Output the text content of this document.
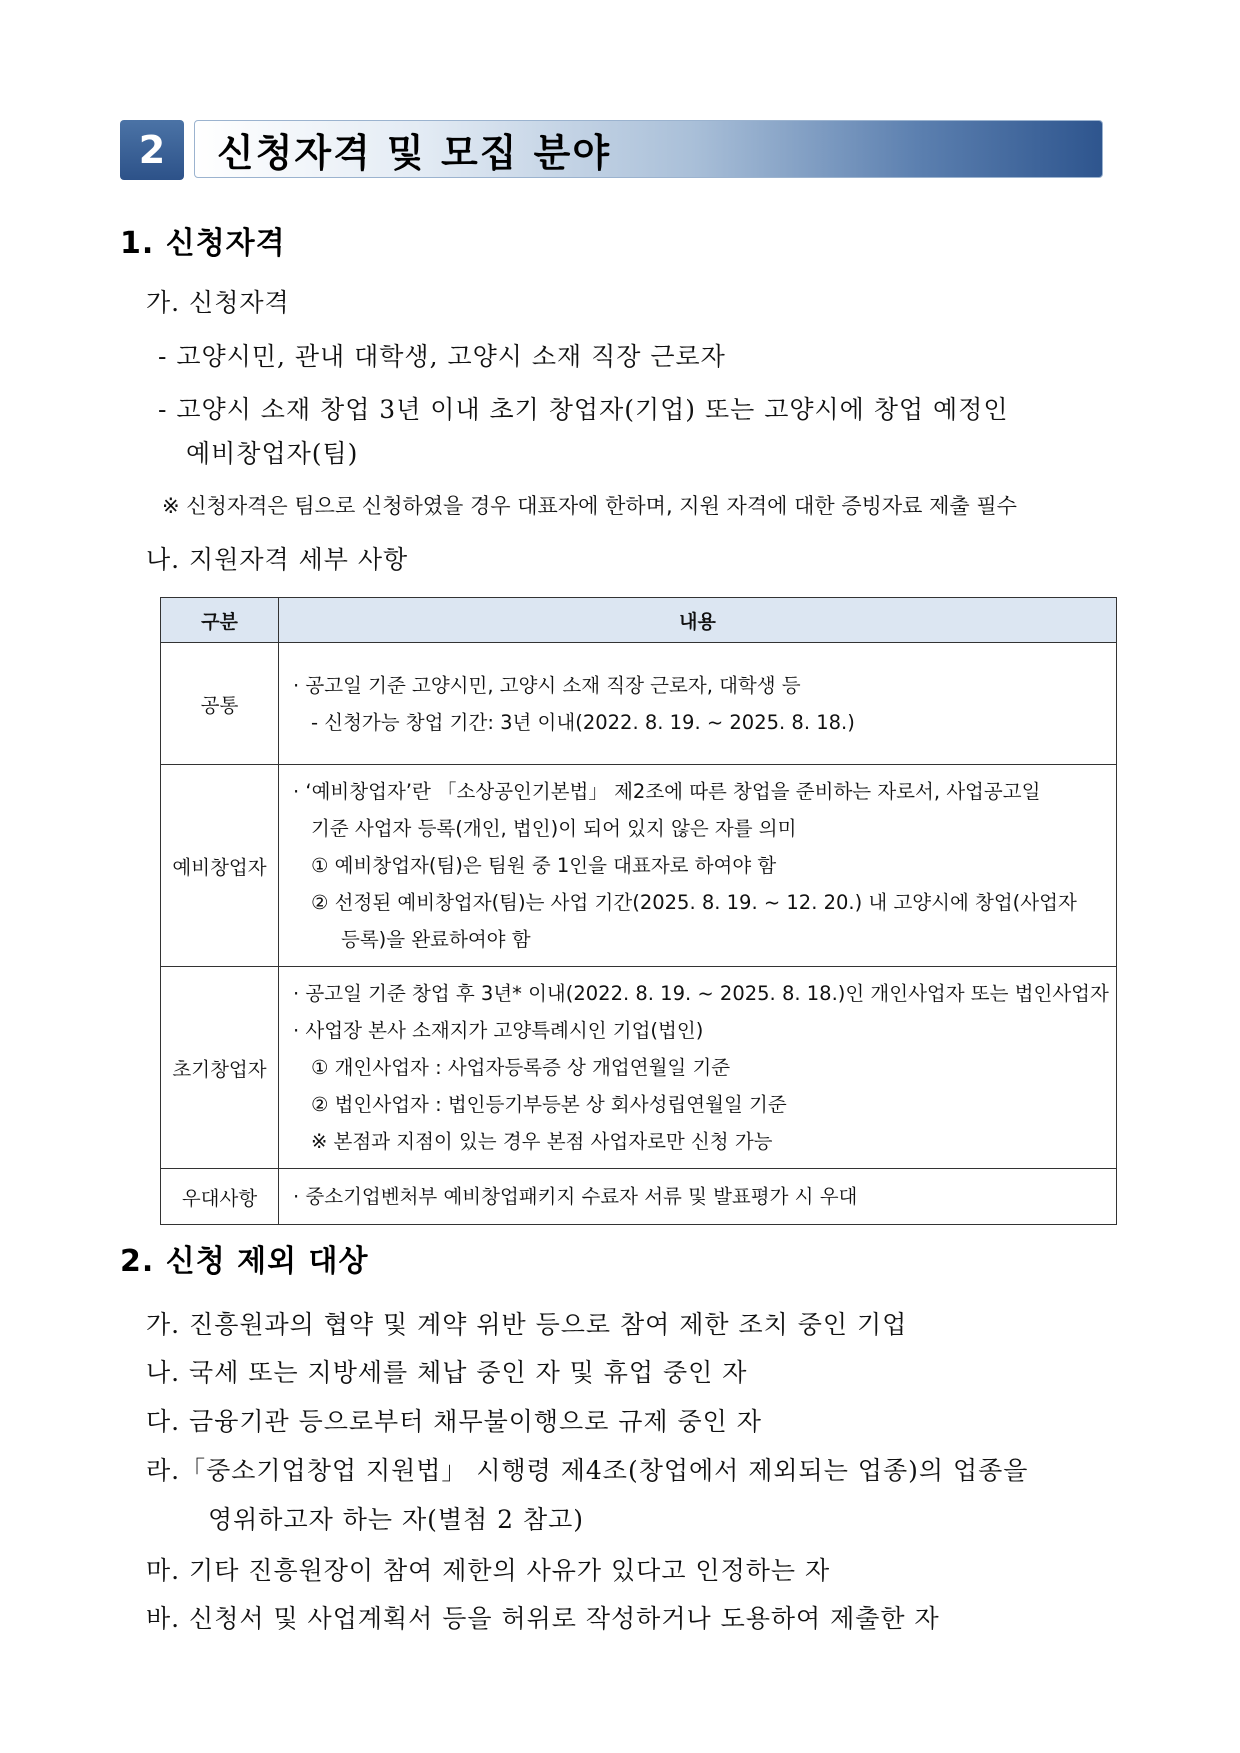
2	신청자격 및 모집 분야
1. 신청자격
가. 신청자격
- 고양시민, 관내 대학생, 고양시 소재 직장 근로자
- 고양시 소재 창업 3년 이내 초기 창업자(기업) 또는 고양시에 창업 예정인
예비창업자(팀)
※ 신청자격은 팀으로 신청하였을 경우 대표자에 한하며, 지원 자격에 대한 증빙자료 제출 필수
나. 지원자격 세부 사항
구분	내용
공통	· 공고일 기준 고양시민, 고양시 소재 직장 근로자, 대학생 등
- 신청가능 창업 기간: 3년 이내(2022. 8. 19. ~ 2025. 8. 18.)

예비창업자	· ‘예비창업자’란 「소상공인기본법」 제2조에 따른 창업을 준비하는 자로서, 사업공고일
기준 사업자 등록(개인, 법인)이 되어 있지 않은 자를 의미
① 예비창업자(팀)은 팀원 중 1인을 대표자로 하여야 함
② 선정된 예비창업자(팀)는 사업 기간(2025. 8. 19. ~ 12. 20.) 내 고양시에 창업(사업자
등록)을 완료하여야 함

초기창업자	· 공고일 기준 창업 후 3년* 이내(2022. 8. 19. ~ 2025. 8. 18.)인 개인사업자 또는 법인사업자
· 사업장 본사 소재지가 고양특례시인 기업(법인)
① 개인사업자 : 사업자등록증 상 개업연월일 기준
② 법인사업자 : 법인등기부등본 상 회사성립연월일 기준
※ 본점과 지점이 있는 경우 본점 사업자로만 신청 가능

우대사항	· 중소기업벤처부 예비창업패키지 수료자 서류 및 발표평가 시 우대
2. 신청 제외 대상
가. 진흥원과의 협약 및 계약 위반 등으로 참여 제한 조치 중인 기업
나. 국세 또는 지방세를 체납 중인 자 및 휴업 중인 자
다. 금융기관 등으로부터 채무불이행으로 규제 중인 자
라.「중소기업창업 지원법」 시행령 제4조(창업에서 제외되는 업종)의 업종을
영위하고자 하는 자(별첨 2 참고)
마. 기타 진흥원장이 참여 제한의 사유가 있다고 인정하는 자
바. 신청서 및 사업계획서 등을 허위로 작성하거나 도용하여 제출한 자
